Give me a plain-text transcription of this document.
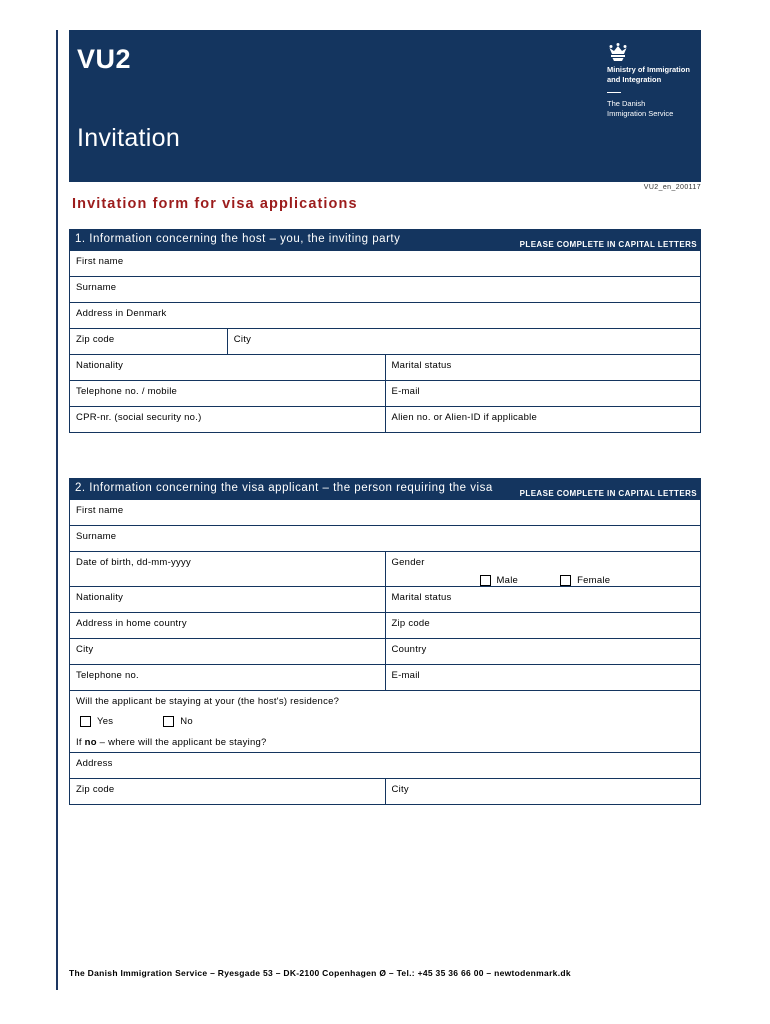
VU2
Invitation
Ministry of Immigration
and Integration
The Danish
Immigration Service
VU2_en_200117
Invitation form for visa applications
1. Information concerning the host – you, the inviting party	PLEASE COMPLETE IN CAPITAL LETTERS
First name		
Surname		
Address in Denmark		
Zip code	City	
Nationality		Marital status
Telephone no. / mobile		E-mail
CPR-nr. (social security no.)		Alien no. or Alien-ID if applicable
2. Information concerning the visa applicant – the person requiring the visa	PLEASE COMPLETE IN CAPITAL LETTERS
First name	
Surname	
Date of birth, dd-mm-yyyy	Gender
Male Female

Nationality	Marital status
Address in home country	Zip code
City	Country
Telephone no.	E-mail
Will the applicant be staying at your (the host's) residence?
Yes No
If no – where will the applicant be staying?	

Address	
Zip code	City
The Danish Immigration Service – Ryesgade 53 – DK-2100 Copenhagen Ø – Tel.: +45 35 36 66 00 – newtodenmark.dk
